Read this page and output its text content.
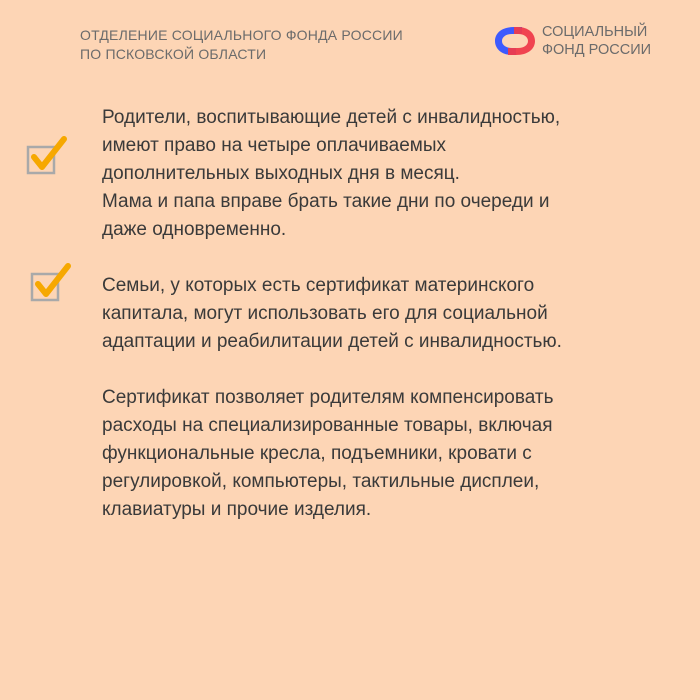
ОТДЕЛЕНИЕ СОЦИАЛЬНОГО ФОНДА РОССИИ
ПО ПСКОВСКОЙ ОБЛАСТИ
СОЦИАЛЬНЫЙ
ФОНД РОССИИ
Родители, воспитывающие детей с инвалидностью,
имеют право на четыре оплачиваемых
дополнительных выходных дня в месяц.
Мама и папа вправе брать такие дни по очереди и
даже одновременно.
Семьи, у которых есть сертификат материнского
капитала, могут использовать его для социальной
адаптации и реабилитации детей с инвалидностью.
Сертификат позволяет родителям компенсировать
расходы на специализированные товары, включая
функциональные кресла, подъемники, кровати с
регулировкой, компьютеры, тактильные дисплеи,
клавиатуры и прочие изделия.
